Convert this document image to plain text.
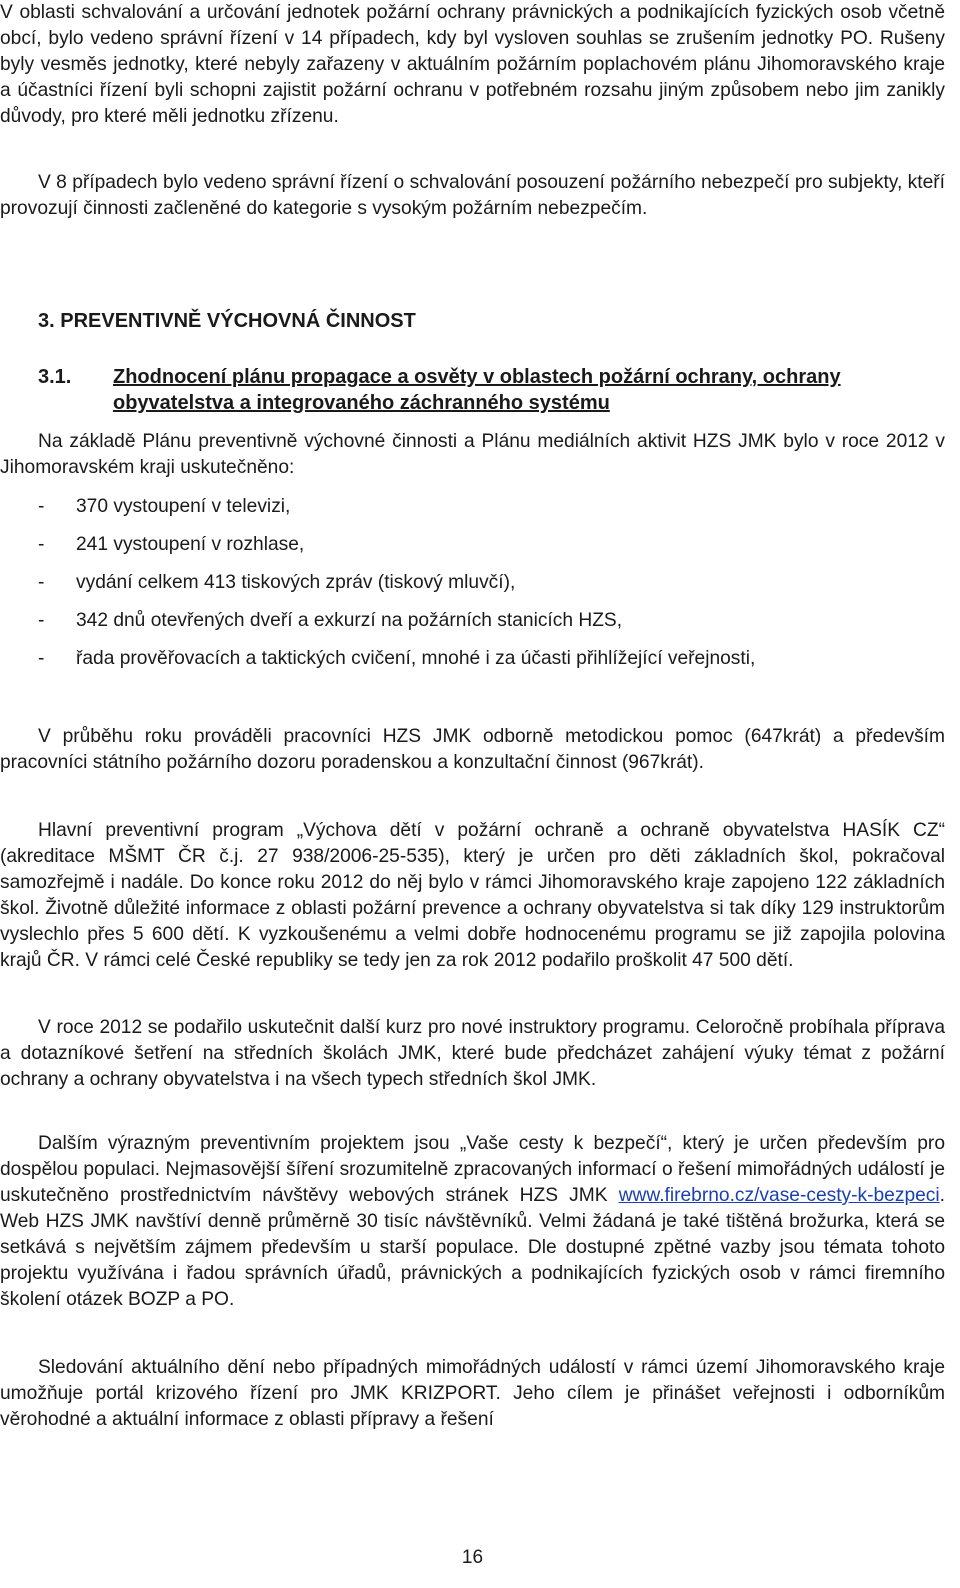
V oblasti schvalování a určování jednotek požární ochrany právnických a podnikajících fyzických osob včetně obcí, bylo vedeno správní řízení v 14 případech, kdy byl vysloven souhlas se zrušením jednotky PO. Rušeny byly vesměs jednotky, které nebyly zařazeny v aktuálním požárním poplachovém plánu Jihomoravského kraje a účastníci řízení byli schopni zajistit požární ochranu v potřebném rozsahu jiným způsobem nebo jim zanikly důvody, pro které měli jednotku zřízenu.

V 8 případech bylo vedeno správní řízení o schvalování posouzení požárního nebezpečí pro subjekty, kteří provozují činnosti začleněné do kategorie s vysokým požárním nebezpečím.

3. PREVENTIVNĚ VÝCHOVNÁ ČINNOST

3.1. Zhodnocení plánu propagace a osvěty v oblastech požární ochrany, ochrany obyvatelstva a integrovaného záchranného systému

Na základě Plánu preventivně výchovné činnosti a Plánu mediálních aktivit HZS JMK bylo v roce 2012 v Jihomoravském kraji uskutečněno:

- 370 vystoupení v televizi,
- 241 vystoupení v rozhlase,
- vydání celkem 413 tiskových zpráv (tiskový mluvčí),
- 342 dnů otevřených dveří a exkurzí na požárních stanicích HZS,
- řada prověřovacích a taktických cvičení, mnohé i za účasti přihlížející veřejnosti,

V průběhu roku prováděli pracovníci HZS JMK odborně metodickou pomoc (647krát) a především pracovníci státního požárního dozoru poradenskou a konzultační činnost (967krát).

Hlavní preventivní program „Výchova dětí v požární ochraně a ochraně obyvatelstva HASÍK CZ“ (akreditace MŠMT ČR č.j. 27 938/2006-25-535), který je určen pro děti základních škol, pokračoval samozřejmě i nadále. Do konce roku 2012 do něj bylo v rámci Jihomoravského kraje zapojeno 122 základních škol. Životně důležité informace z oblasti požární prevence a ochrany obyvatelstva si tak díky 129 instruktorům vyslechlo přes 5 600 dětí. K vyzkoušenému a velmi dobře hodnocenému programu se již zapojila polovina krajů ČR. V rámci celé České republiky se tedy jen za rok 2012 podařilo proškolit 47 500 dětí.

V roce 2012 se podařilo uskutečnit další kurz pro nové instruktory programu. Celoročně probíhala příprava a dotazníkové šetření na středních školách JMK, které bude předcházet zahájení výuky témat z požární ochrany a ochrany obyvatelstva i na všech typech středních škol JMK.

Dalším výrazným preventivním projektem jsou „Vaše cesty k bezpečí“, který je určen především pro dospělou populaci. Nejmasovější šíření srozumitelně zpracovaných informací o řešení mimořádných událostí je uskutečněno prostřednictvím návštěvy webových stránek HZS JMK www.firebrno.cz/vase-cesty-k-bezpeci. Web HZS JMK navštíví denně průměrně 30 tisíc návštěvníků. Velmi žádaná je také tištěná brožurka, která se setkává s největším zájmem především u starší populace. Dle dostupné zpětné vazby jsou témata tohoto projektu využívána i řadou správních úřadů, právnických a podnikajících fyzických osob v rámci firemního školení otázek BOZP a PO.

Sledování aktuálního dění nebo případných mimořádných událostí v rámci území Jihomoravského kraje umožňuje portál krizového řízení pro JMK KRIZPORT. Jeho cílem je přinášet veřejnosti i odborníkům věrohodné a aktuální informace z oblasti přípravy a řešení

16
